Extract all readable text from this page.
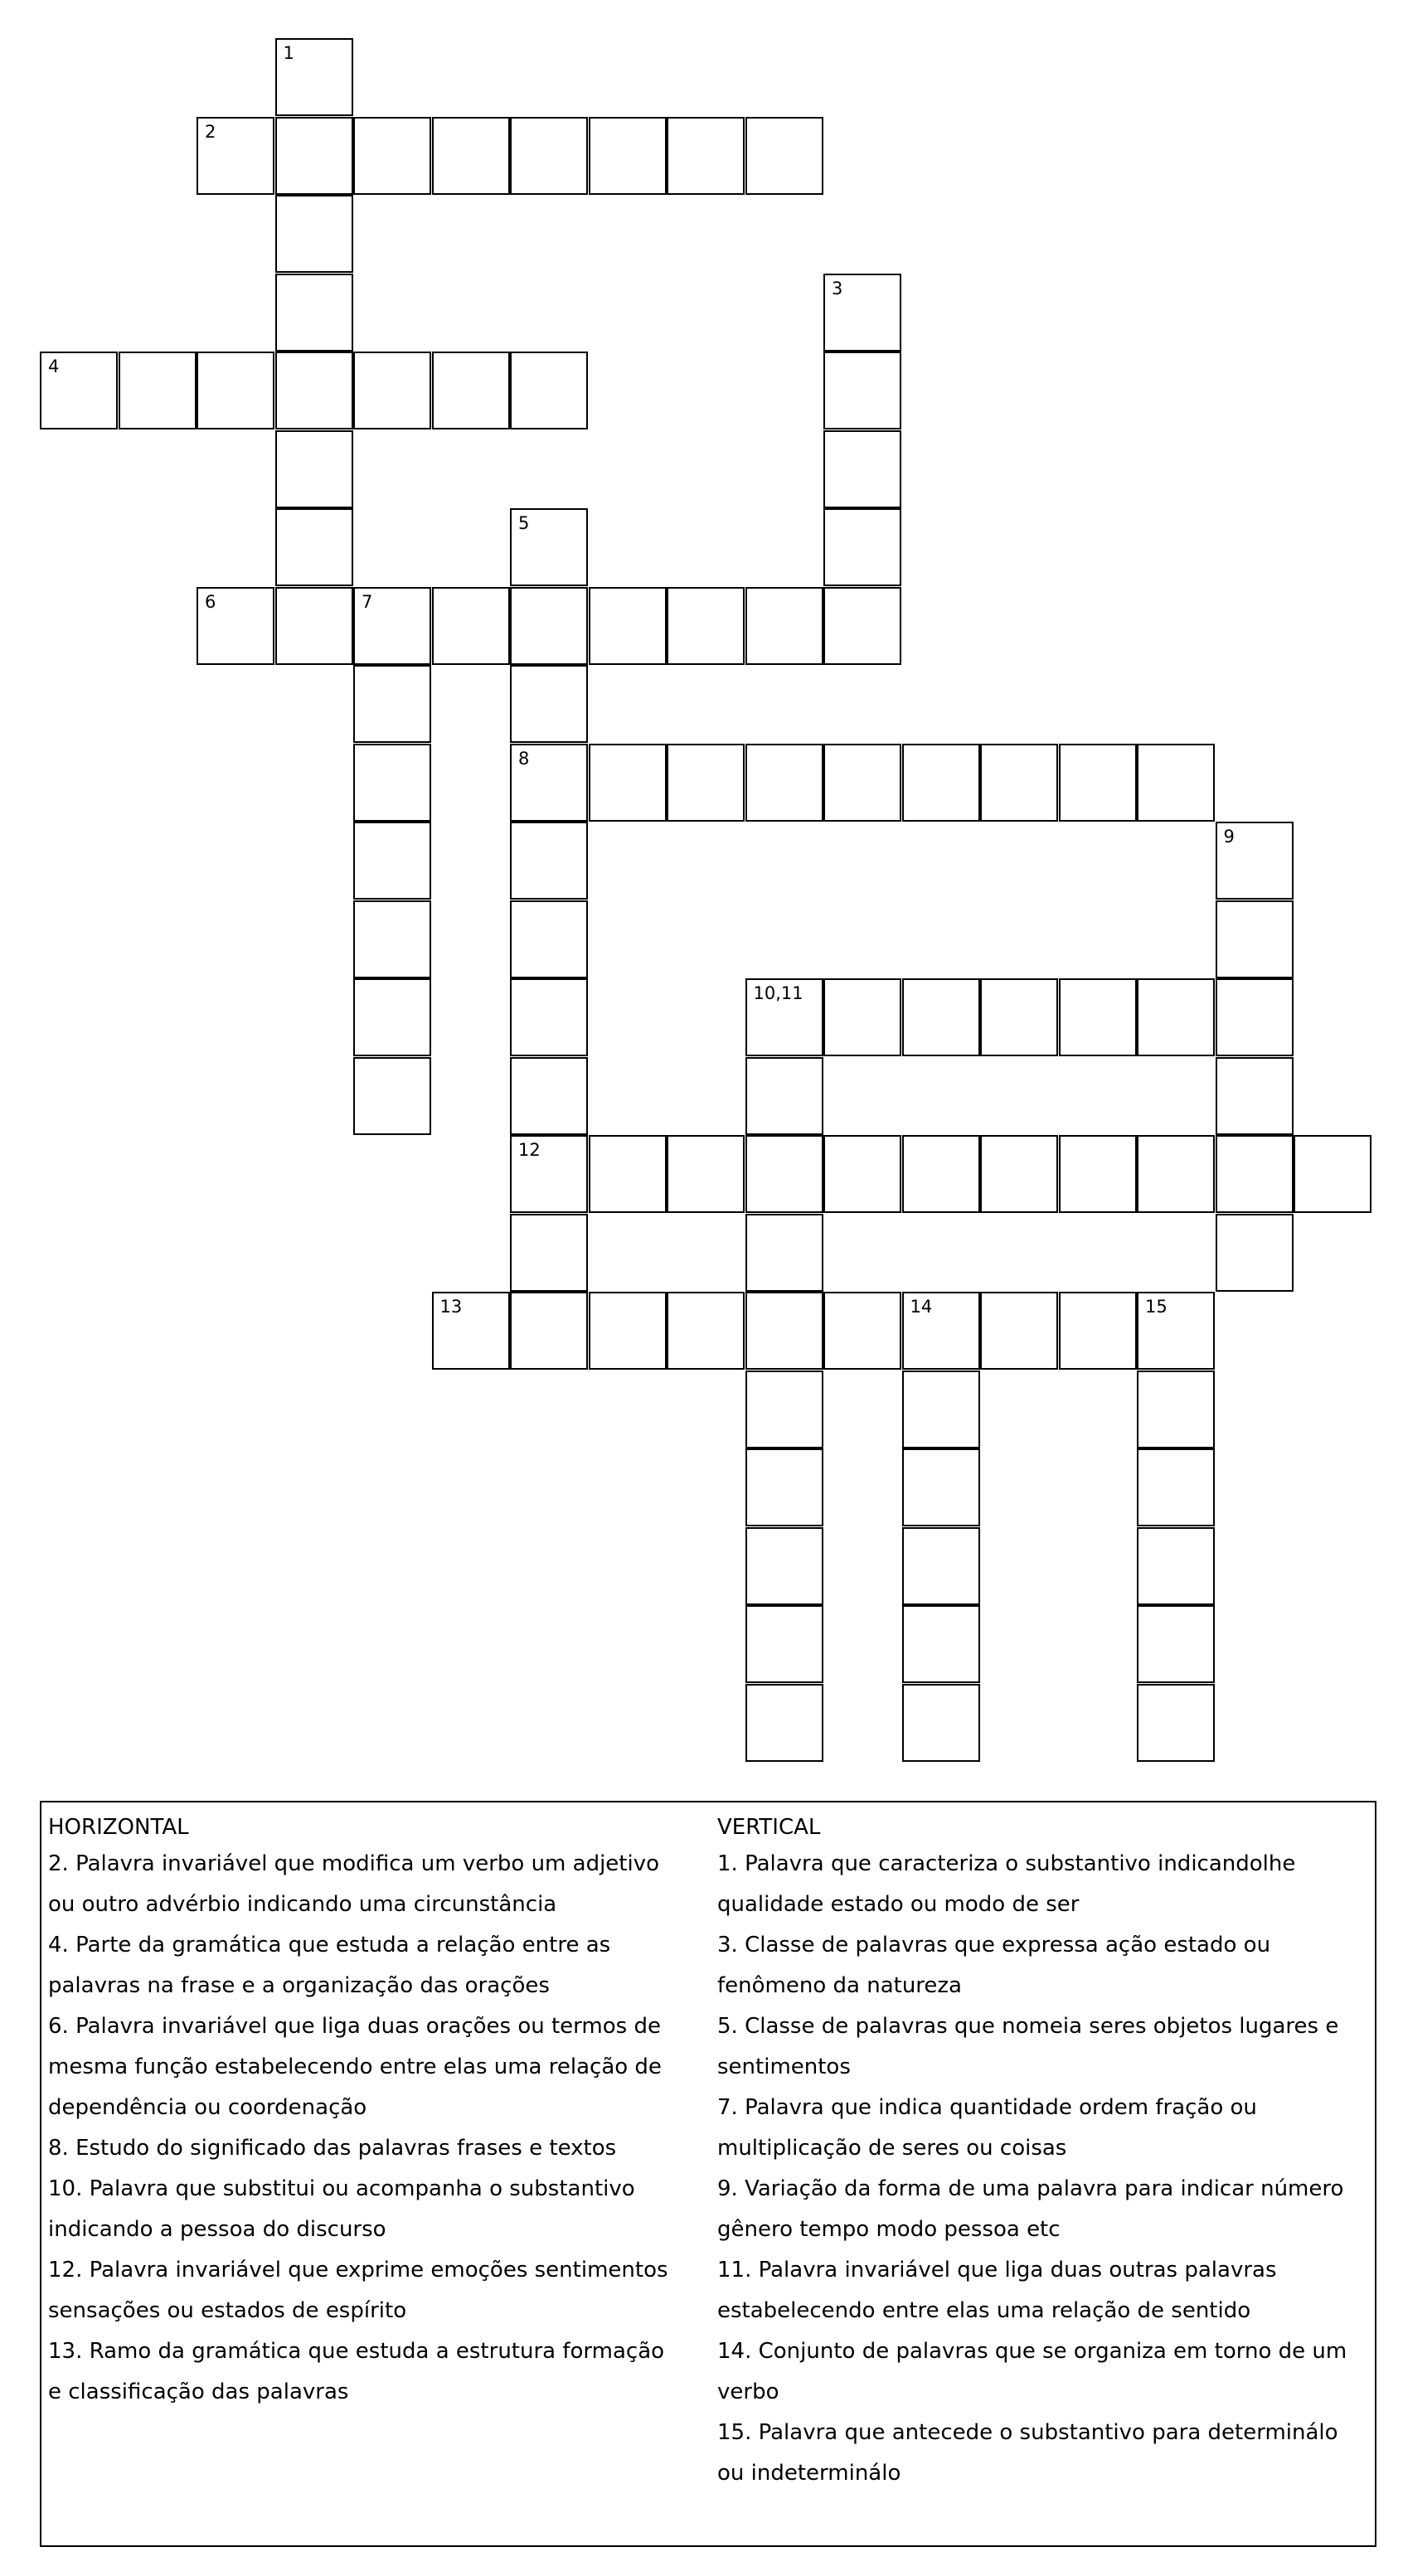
1
2
3
4
5
6	7
8
9
10,11
12
13	14	15
HORIZONTAL
2. Palavra invariável que modifica um verbo um adjetivo
ou outro advérbio indicando uma circunstância
4. Parte da gramática que estuda a relação entre as
palavras na frase e a organização das orações
6. Palavra invariável que liga duas orações ou termos de
mesma função estabelecendo entre elas uma relação de
dependência ou coordenação
8. Estudo do significado das palavras frases e textos
10. Palavra que substitui ou acompanha o substantivo
indicando a pessoa do discurso
12. Palavra invariável que exprime emoções sentimentos
sensações ou estados de espírito
13. Ramo da gramática que estuda a estrutura formação
e classificação das palavras
VERTICAL
1. Palavra que caracteriza o substantivo indicandolhe
qualidade estado ou modo de ser
3. Classe de palavras que expressa ação estado ou
fenômeno da natureza
5. Classe de palavras que nomeia seres objetos lugares e
sentimentos
7. Palavra que indica quantidade ordem fração ou
multiplicação de seres ou coisas
9. Variação da forma de uma palavra para indicar número
gênero tempo modo pessoa etc
11. Palavra invariável que liga duas outras palavras
estabelecendo entre elas uma relação de sentido
14. Conjunto de palavras que se organiza em torno de um
verbo
15. Palavra que antecede o substantivo para determinálo
ou indeterminálo
